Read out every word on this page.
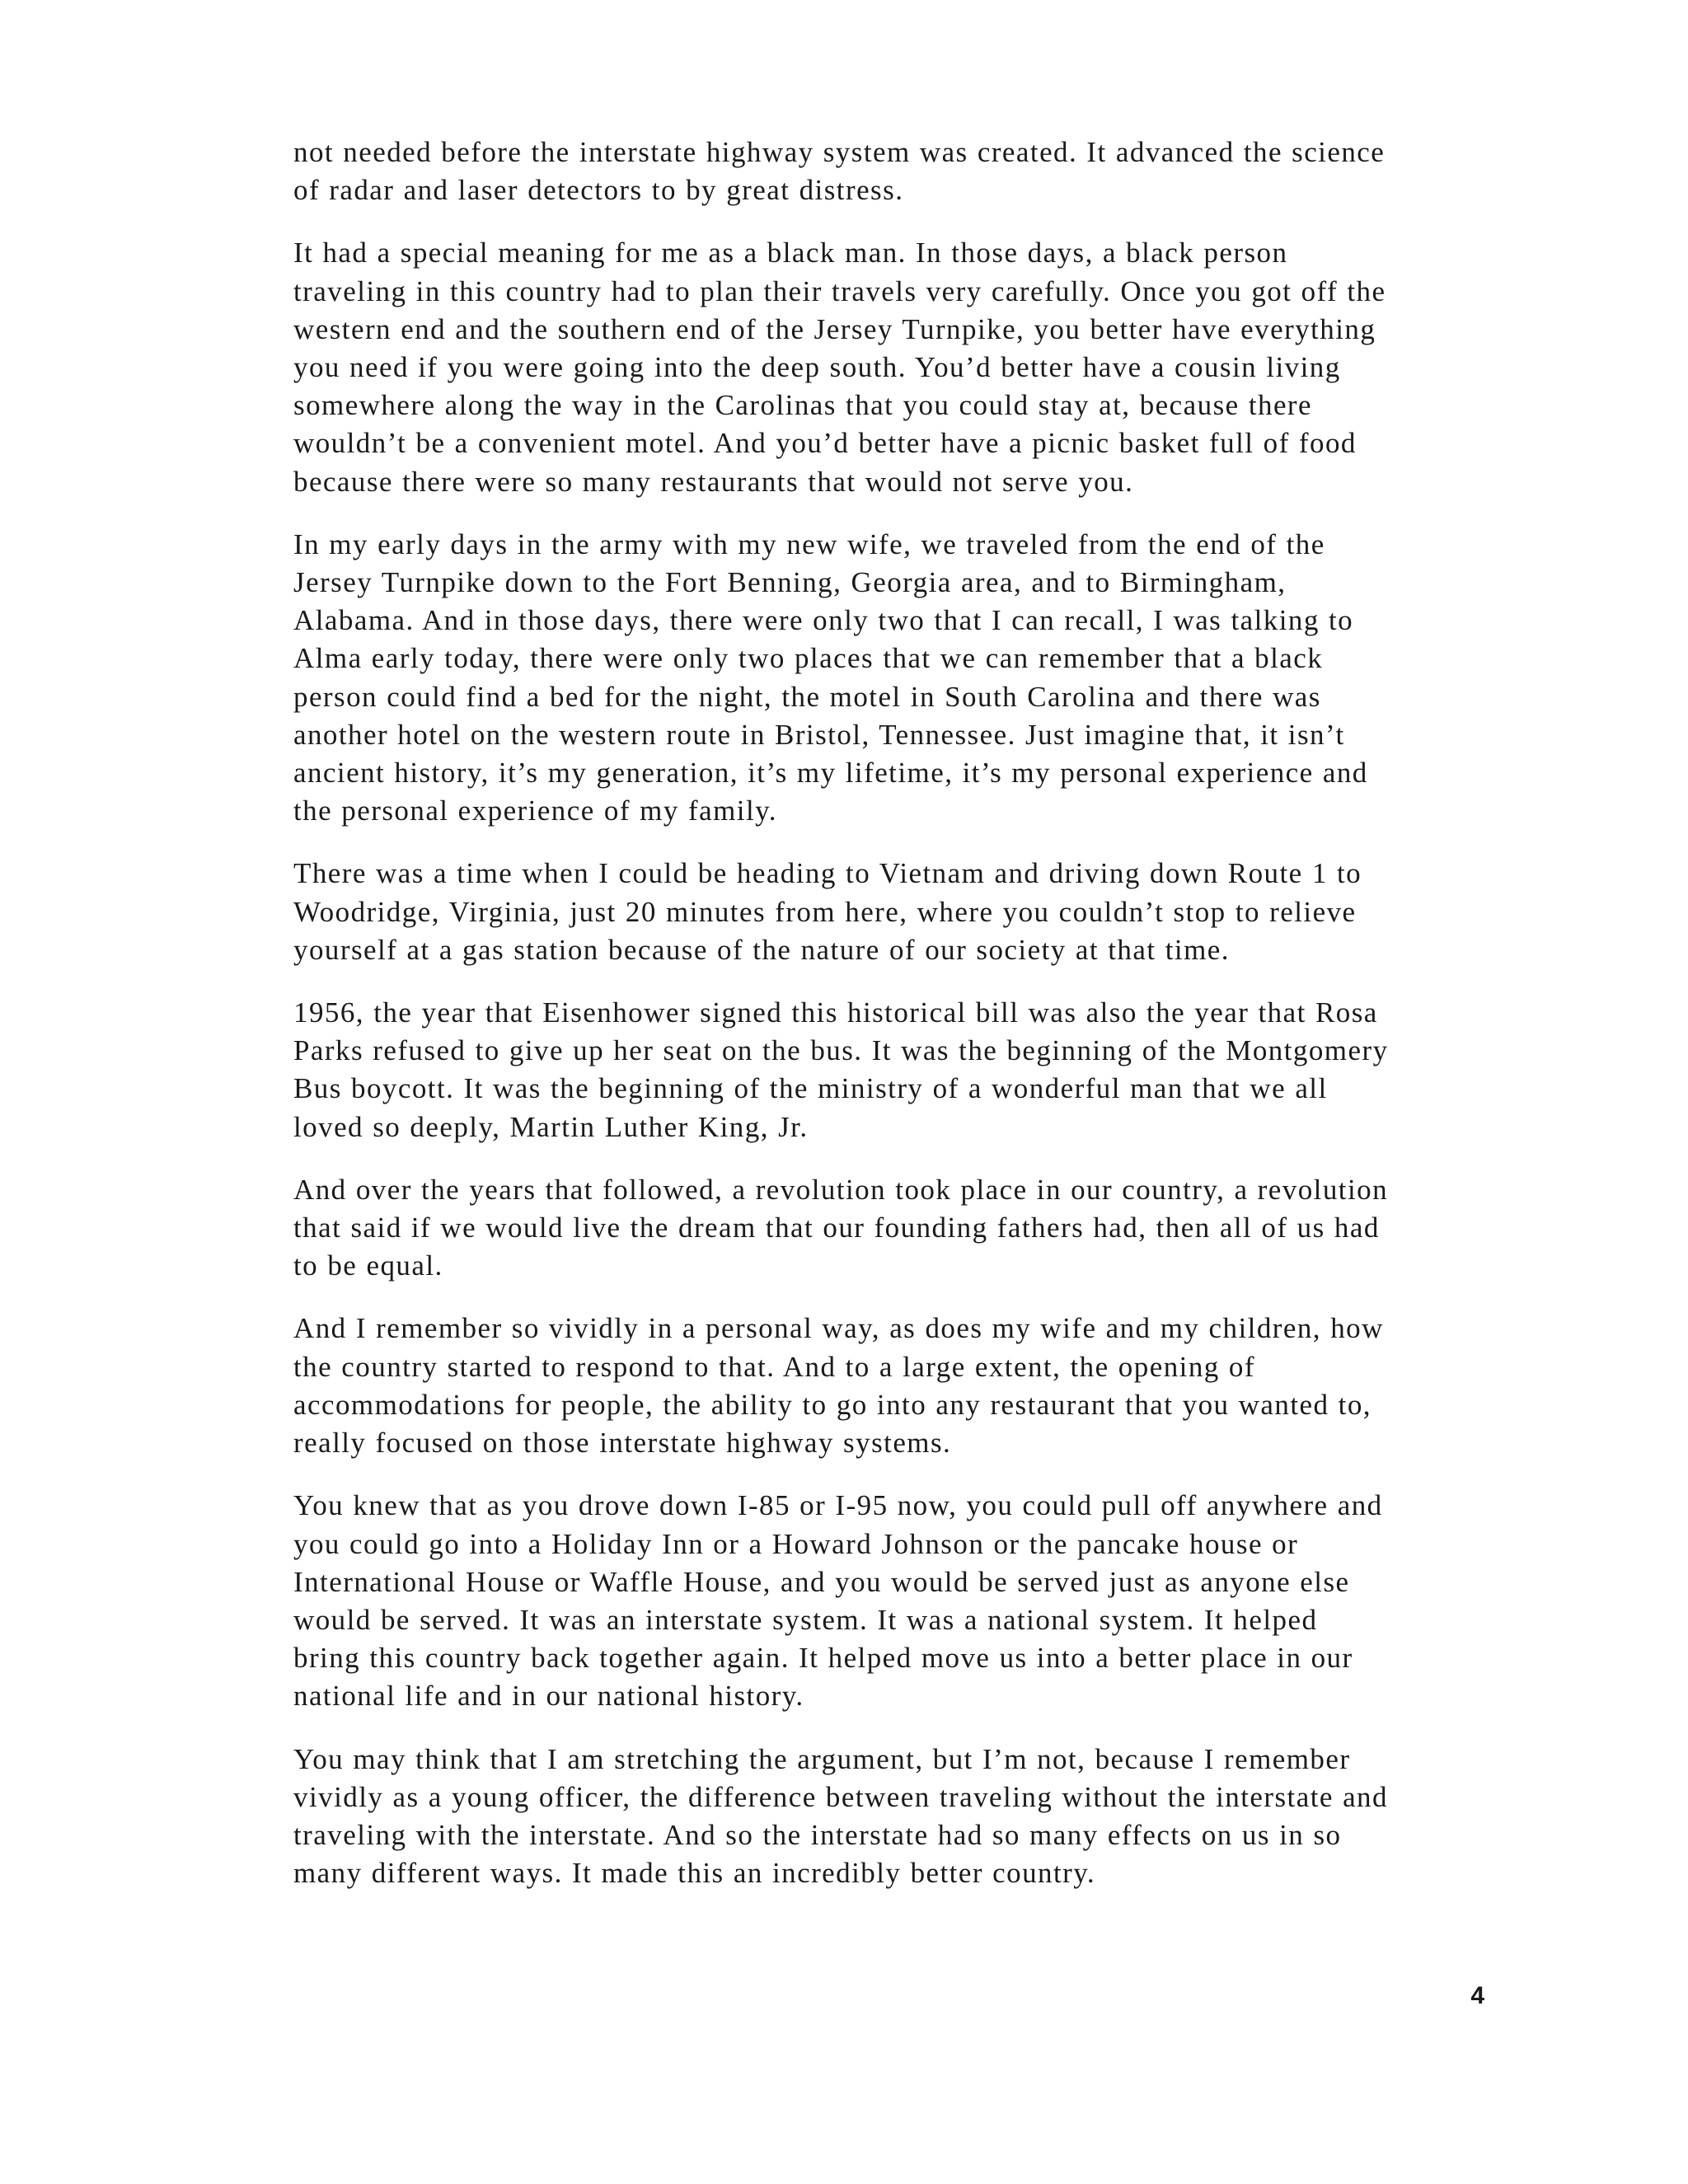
not needed before the interstate highway system was created. It advanced the science
of radar and laser detectors to by great distress.

It had a special meaning for me as a black man. In those days, a black person
traveling in this country had to plan their travels very carefully. Once you got off the
western end and the southern end of the Jersey Turnpike, you better have everything
you need if you were going into the deep south. You’d better have a cousin living
somewhere along the way in the Carolinas that you could stay at, because there
wouldn’t be a convenient motel. And you’d better have a picnic basket full of food
because there were so many restaurants that would not serve you.

In my early days in the army with my new wife, we traveled from the end of the
Jersey Turnpike down to the Fort Benning, Georgia area, and to Birmingham,
Alabama. And in those days, there were only two that I can recall, I was talking to
Alma early today, there were only two places that we can remember that a black
person could find a bed for the night, the motel in South Carolina and there was
another hotel on the western route in Bristol, Tennessee. Just imagine that, it isn’t
ancient history, it’s my generation, it’s my lifetime, it’s my personal experience and
the personal experience of my family.

There was a time when I could be heading to Vietnam and driving down Route 1 to
Woodridge, Virginia, just 20 minutes from here, where you couldn’t stop to relieve
yourself at a gas station because of the nature of our society at that time.

1956, the year that Eisenhower signed this historical bill was also the year that Rosa
Parks refused to give up her seat on the bus. It was the beginning of the Montgomery
Bus boycott. It was the beginning of the ministry of a wonderful man that we all
loved so deeply, Martin Luther King, Jr.

And over the years that followed, a revolution took place in our country, a revolution
that said if we would live the dream that our founding fathers had, then all of us had
to be equal.

And I remember so vividly in a personal way, as does my wife and my children, how
the country started to respond to that. And to a large extent, the opening of
accommodations for people, the ability to go into any restaurant that you wanted to,
really focused on those interstate highway systems.

You knew that as you drove down I-85 or I-95 now, you could pull off anywhere and
you could go into a Holiday Inn or a Howard Johnson or the pancake house or
International House or Waffle House, and you would be served just as anyone else
would be served. It was an interstate system. It was a national system. It helped
bring this country back together again. It helped move us into a better place in our
national life and in our national history.

You may think that I am stretching the argument, but I’m not, because I remember
vividly as a young officer, the difference between traveling without the interstate and
traveling with the interstate. And so the interstate had so many effects on us in so
many different ways. It made this an incredibly better country.

4
